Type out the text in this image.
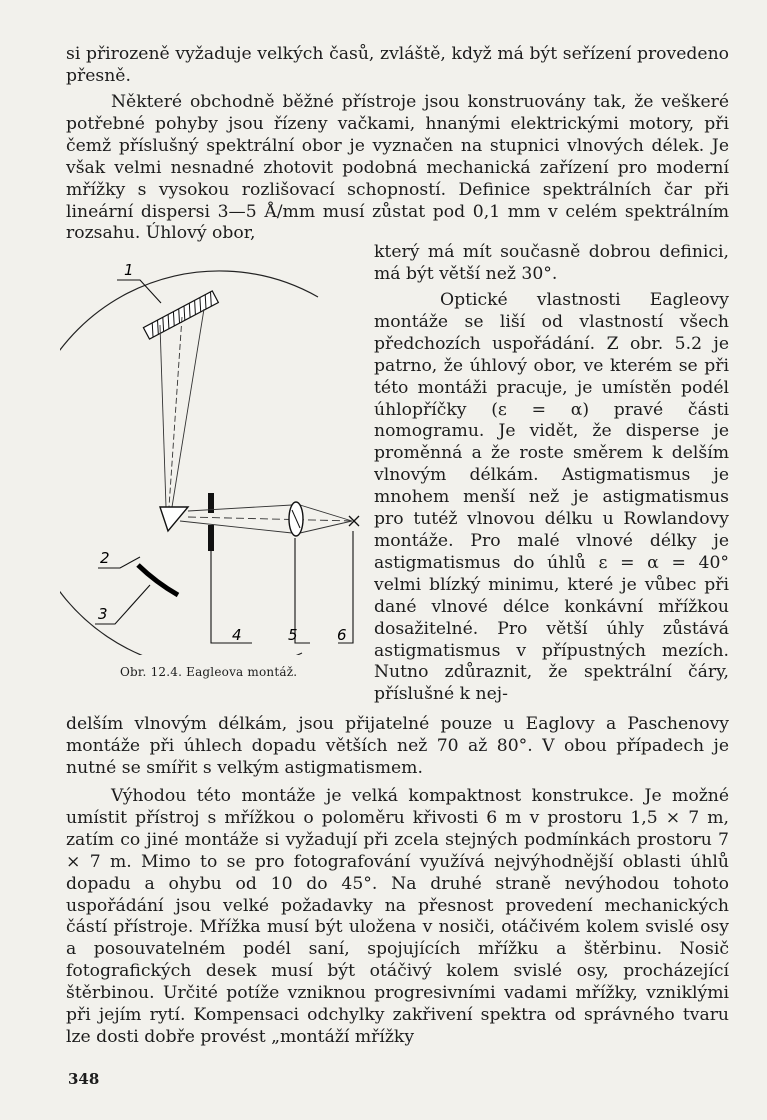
si přirozeně vyžaduje velkých časů, zvláště, když má být seřízení provedeno přesně.

Některé obchodně běžné přístroje jsou konstruovány tak, že veškeré potřebné pohyby jsou řízeny vačkami, hnanými elektrickými motory, při čemž příslušný spektrální obor je vyznačen na stupnici vlnových délek. Je však velmi nesnadné zhotovit podobná mechanická zařízení pro moderní mřížky s vysokou rozlišovací schopností. Definice spektrálních čar při lineární dispersi 3—5 Å/mm musí zůstat pod 0,1 mm v celém spektrálním rozsahu. Úhlový obor,

který má mít současně dobrou definici, má být větší než 30°.

Optické vlastnosti Eagleovy montáže se liší od vlastností všech předchozích uspořádání. Z obr. 5.2 je patrno, že úhlový obor, ve kterém se při této montáži pracuje, je umístěn podél úhlopříčky (ε = α) pravé části nomogramu. Je vidět, že disperse je proměnná a že roste směrem k delším vlnovým délkám. Astigmatismus je mnohem menší než je astigmatismus pro tutéž vlnovou délku u Rowlandovy montáže. Pro malé vlnové délky je astigmatismus do úhlů ε = α = 40° velmi blízký minimu, které je vůbec při dané vlnové délce konkávní mřížkou dosažitelné. Pro větší úhly zůstává astigmatismus v přípustných mezích. Nutno zdůraznit, že spektrální čáry, příslušné k nej-

delším vlnovým délkám, jsou přijatelné pouze u Eaglovy a Paschenovy montáže při úhlech dopadu větších než 70 až 80°. V obou případech je nutné se smířit s velkým astigmatismem.

Výhodou této montáže je velká kompaktnost konstrukce. Je možné umístit přístroj s mřížkou o poloměru křivosti 6 m v prostoru 1,5 × 7 m, zatím co jiné montáže si vyžadují při zcela stejných podmínkách prostoru 7 × 7 m. Mimo to se pro fotografování využívá nejvýhodnější oblasti úhlů dopadu a ohybu od 10 do 45°. Na druhé straně nevýhodou tohoto uspořádání jsou velké požadavky na přesnost provedení mechanických částí přístroje. Mřížka musí být uložena v nosiči, otáčivém kolem svislé osy a posouvatelném podél saní, spojujících mřížku a štěrbinu. Nosič fotografických desek musí být otáčivý kolem svislé osy, procházející štěrbinou. Určité potíže vzniknou progresivními vadami mřížky, vzniklými při jejím rytí. Kompensaci odchylky zakřivení spektra od správného tvaru lze dosti dobře provést „montáží mřížky

1
2
3
4	5	6
Obr. 12.4. Eagleova montáž.
348
